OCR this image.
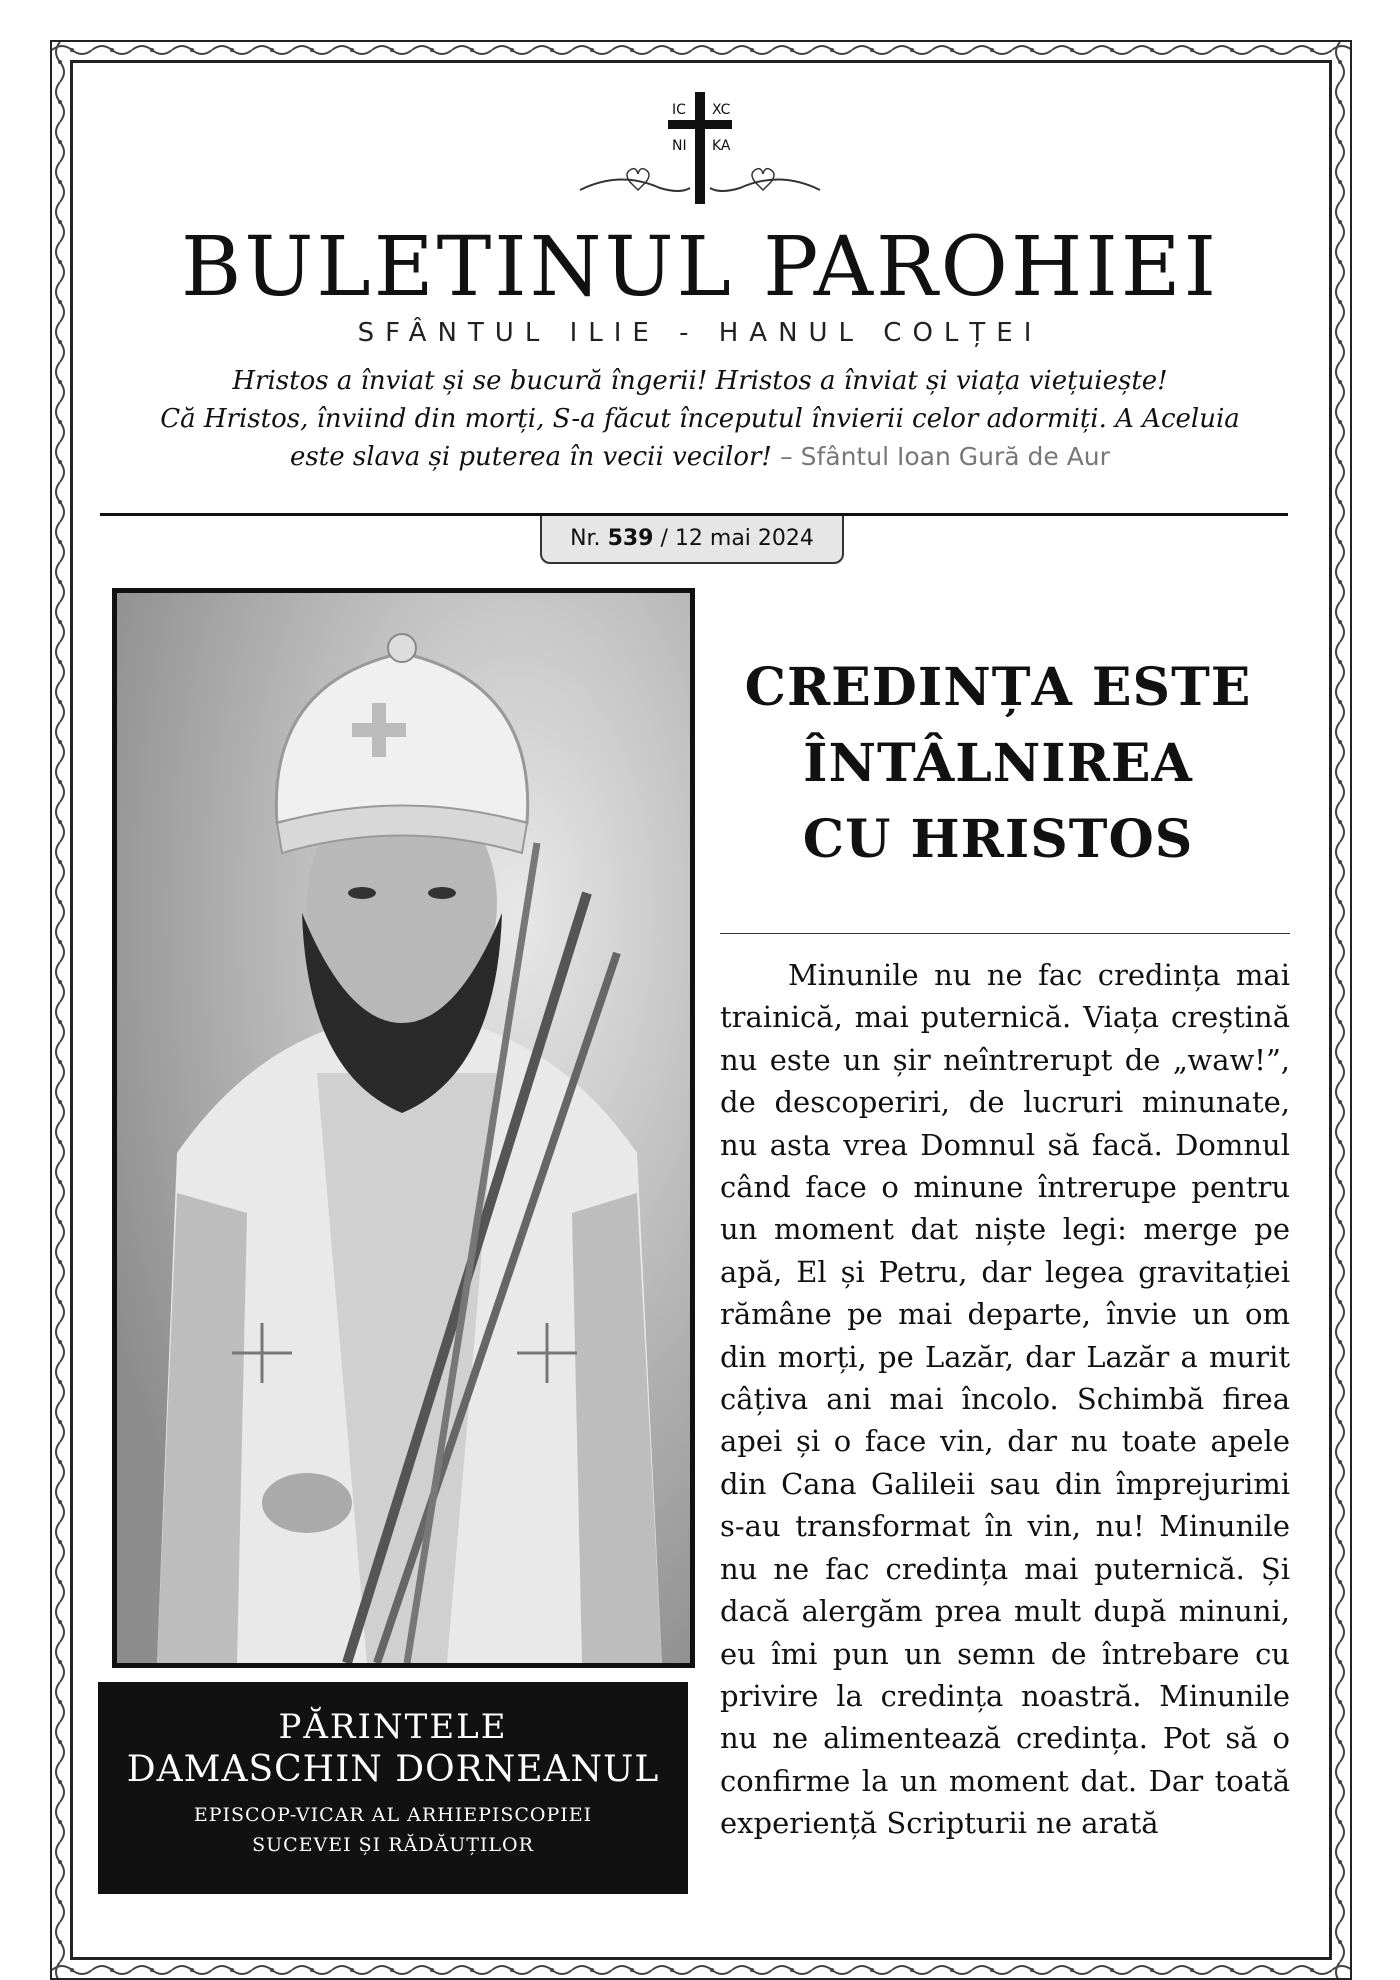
IC XC
NI KA
BULETINUL PAROHIEI
SFÂNTUL ILIE - HANUL COLȚEI
Hristos a înviat și se bucură îngerii! Hristos a înviat și viața viețuiește!
Că Hristos, înviind din morți, S-a făcut începutul învierii celor adormiți. A Aceluia
este slava și puterea în vecii vecilor! – Sfântul Ioan Gură de Aur
Nr. 539 / 12 mai 2024
PĂRINTELE
DAMASCHIN DORNEANUL
EPISCOP-VICAR AL ARHIEPISCOPIEI
SUCEVEI ȘI RĂDĂUȚILOR
CREDINȚA ESTE
ÎNTÂLNIREA
CU HRISTOS

Minunile nu ne fac credința mai trainică, mai puternică. Viața creștină nu este un șir neîntrerupt de „waw!”, de descoperiri, de lucruri minunate, nu asta vrea Domnul să facă. Domnul când face o minune întrerupe pentru un moment dat niște legi: merge pe apă, El și Petru, dar legea gravitației rămâne pe mai departe, învie un om din morți, pe Lazăr, dar Lazăr a murit câțiva ani mai încolo. Schimbă firea apei și o face vin, dar nu toate apele din Cana Galileii sau din împrejurimi s-au transformat în vin, nu! Minunile nu ne fac credința mai puternică. Și dacă alergăm prea mult după minuni, eu îmi pun un semn de întrebare cu privire la credința noastră. Minunile nu ne alimentează credința. Pot să o confirme la un moment dat. Dar toată experiență Scripturii ne arată
